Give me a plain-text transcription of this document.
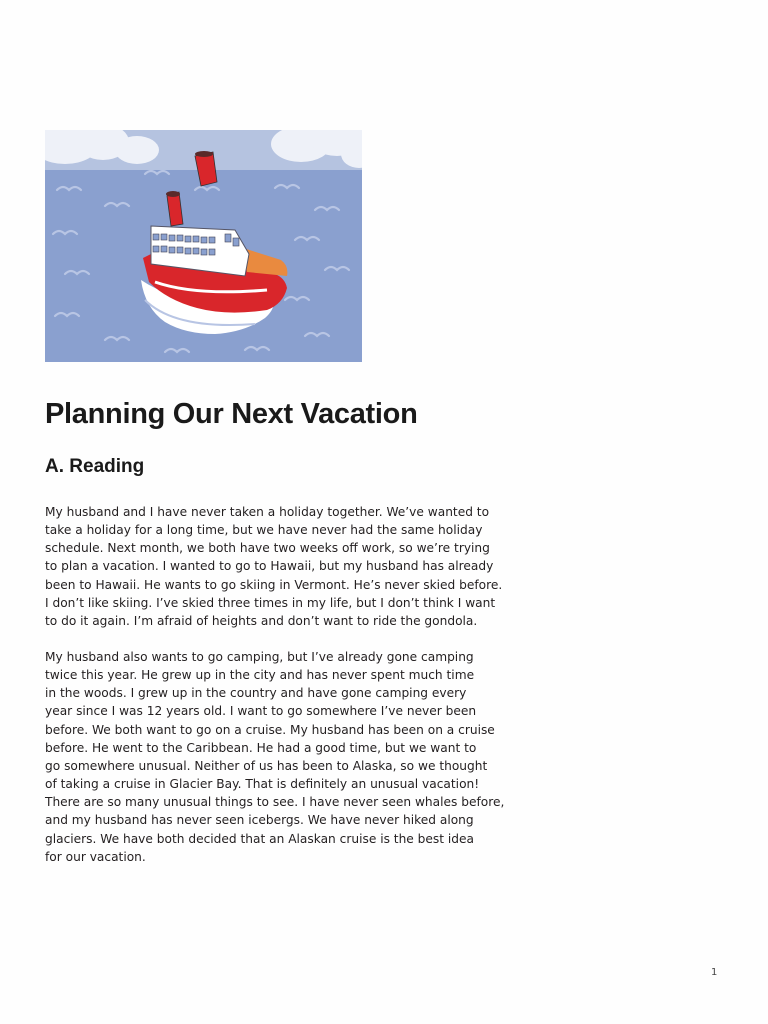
Planning Our Next Vacation
A. Reading
My husband and I have never taken a holiday together. We’ve wanted to
take a holiday for a long time, but we have never had the same holiday
schedule. Next month, we both have two weeks off work, so we’re trying
to plan a vacation. I wanted to go to Hawaii, but my husband has already
been to Hawaii. He wants to go skiing in Vermont. He’s never skied before.
I don’t like skiing. I’ve skied three times in my life, but I don’t think I want
to do it again. I’m afraid of heights and don’t want to ride the gondola.
My husband also wants to go camping, but I’ve already gone camping
twice this year. He grew up in the city and has never spent much time
in the woods. I grew up in the country and have gone camping every
year since I was 12 years old. I want to go somewhere I’ve never been
before. We both want to go on a cruise. My husband has been on a cruise
before. He went to the Caribbean. He had a good time, but we want to
go somewhere unusual. Neither of us has been to Alaska, so we thought
of taking a cruise in Glacier Bay. That is definitely an unusual vacation!
There are so many unusual things to see. I have never seen whales before,
and my husband has never seen icebergs. We have never hiked along
glaciers. We have both decided that an Alaskan cruise is the best idea
for our vacation.
1
